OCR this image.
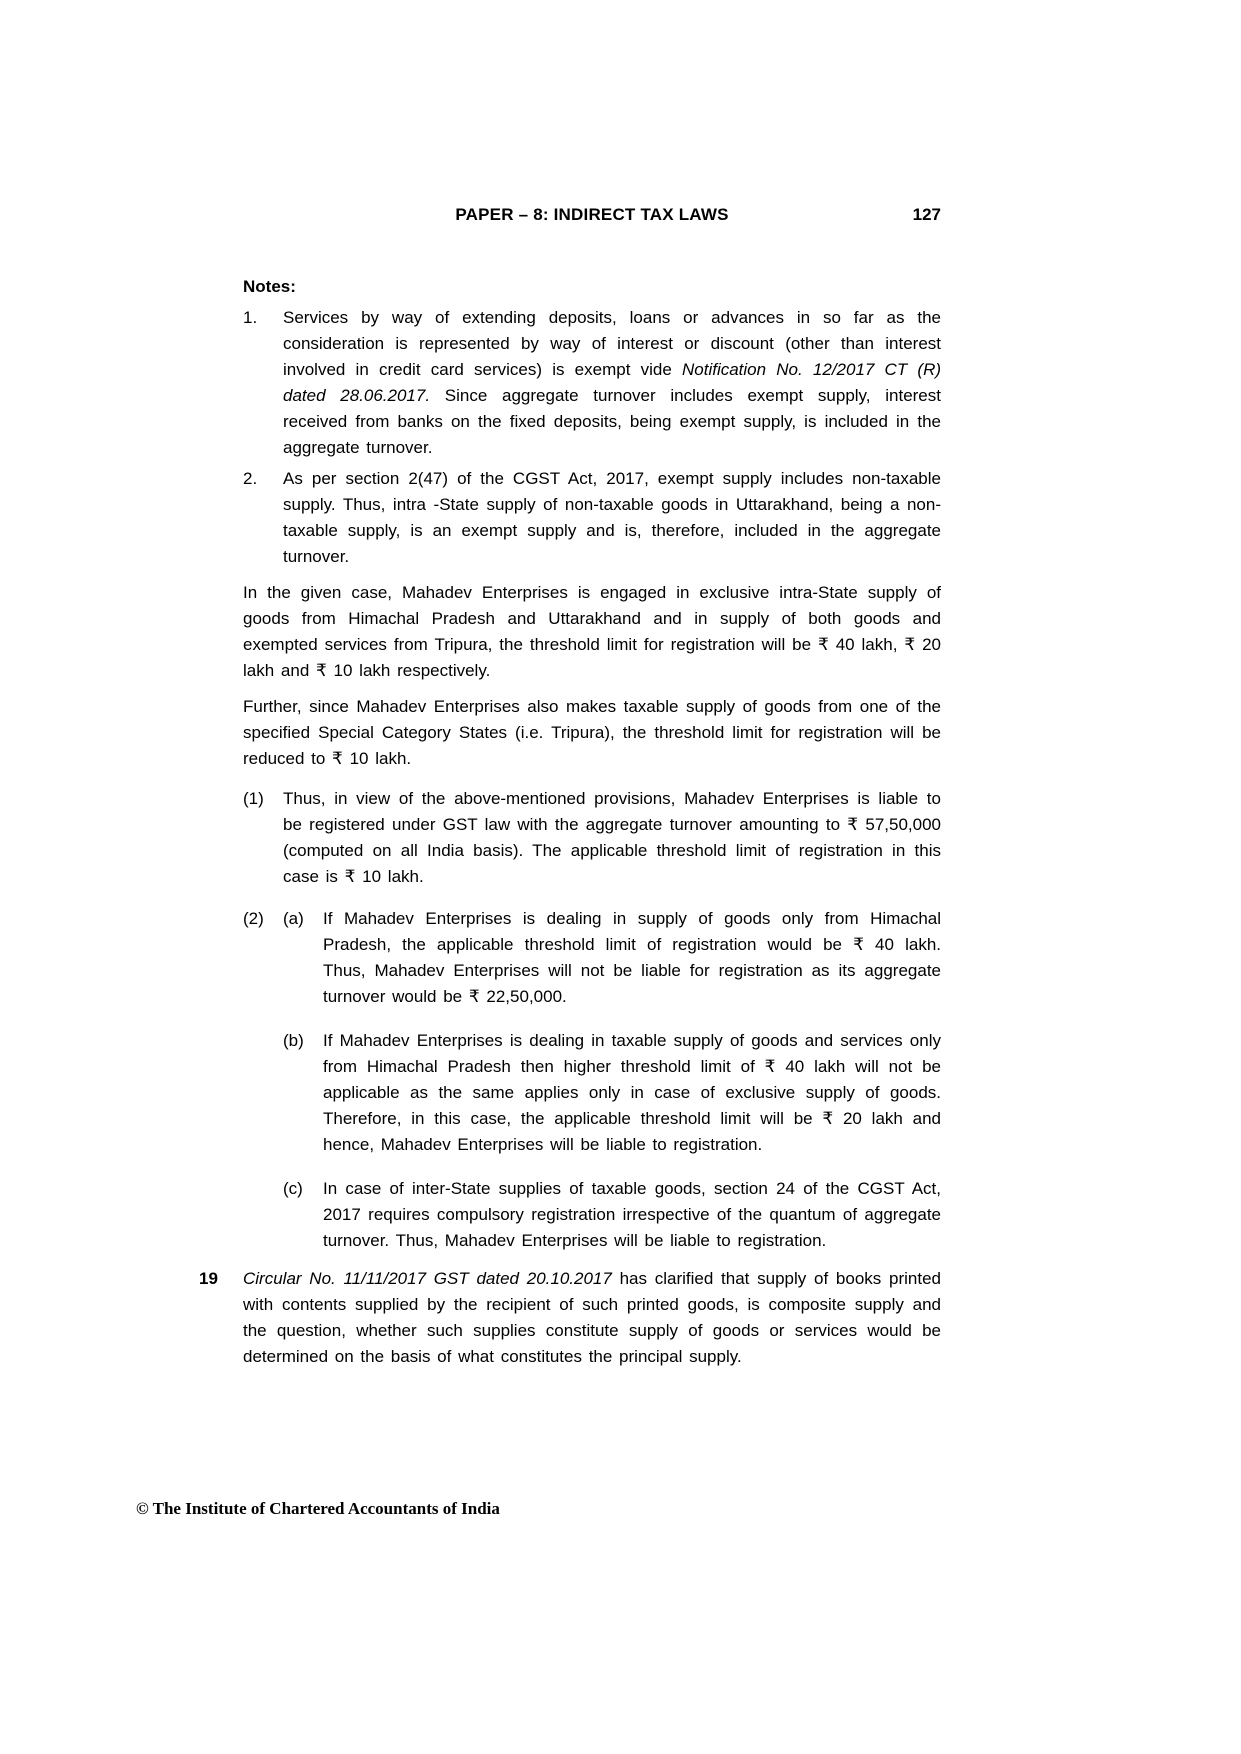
PAPER – 8: INDIRECT TAX LAWS	127

Notes:

1.	Services by way of extending deposits, loans or advances in so far as the consideration is represented by way of interest or discount (other than interest involved in credit card services) is exempt vide Notification No. 12/2017 CT (R) dated 28.06.2017. Since aggregate turnover includes exempt supply, interest received from banks on the fixed deposits, being exempt supply, is included in the aggregate turnover.
2.	As per section 2(47) of the CGST Act, 2017, exempt supply includes non-taxable supply. Thus, intra -State supply of non-taxable goods in Uttarakhand, being a non-taxable supply, is an exempt supply and is, therefore, included in the aggregate turnover.

In the given case, Mahadev Enterprises is engaged in exclusive intra-State supply of goods from Himachal Pradesh and Uttarakhand and in supply of both goods and exempted services from Tripura, the threshold limit for registration will be ₹ 40 lakh, ₹ 20 lakh and ₹ 10 lakh respectively.

Further, since Mahadev Enterprises also makes taxable supply of goods from one of the specified Special Category States (i.e. Tripura), the threshold limit for registration will be reduced to ₹ 10 lakh.

(1)	Thus, in view of the above-mentioned provisions, Mahadev Enterprises is liable to be registered under GST law with the aggregate turnover amounting to ₹ 57,50,000 (computed on all India basis). The applicable threshold limit of registration in this case is ₹ 10 lakh.
(2)	(a)	If Mahadev Enterprises is dealing in supply of goods only from Himachal Pradesh, the applicable threshold limit of registration would be ₹ 40 lakh. Thus, Mahadev Enterprises will not be liable for registration as its aggregate turnover would be ₹ 22,50,000.
(b)	If Mahadev Enterprises is dealing in taxable supply of goods and services only from Himachal Pradesh then higher threshold limit of ₹ 40 lakh will not be applicable as the same applies only in case of exclusive supply of goods. Therefore, in this case, the applicable threshold limit will be ₹ 20 lakh and hence, Mahadev Enterprises will be liable to registration.
(c)	In case of inter-State supplies of taxable goods, section 24 of the CGST Act, 2017 requires compulsory registration irrespective of the quantum of aggregate turnover. Thus, Mahadev Enterprises will be liable to registration.
19	Circular No. 11/11/2017 GST dated 20.10.2017 has clarified that supply of books printed with contents supplied by the recipient of such printed goods, is composite supply and the question, whether such supplies constitute supply of goods or services would be determined on the basis of what constitutes the principal supply.
© The Institute of Chartered Accountants of India
